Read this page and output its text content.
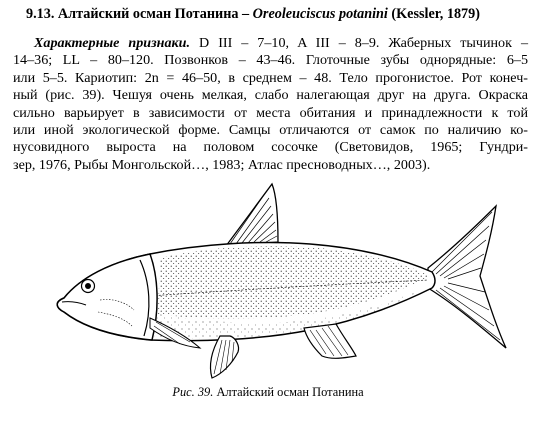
9.13. Алтайский осман Потанина – Oreoleuciscus potanini (Kessler, 1879)
Характерные признаки. D III – 7–10, A III – 8–9. Жаберных тычинок –
14–36; LL – 80–120. Позвонков – 43–46. Глоточные зубы однорядные: 6–5
или 5–5. Кариотип: 2n = 46–50, в среднем – 48. Тело прогонистое. Рот конеч-
ный (рис. 39). Чешуя очень мелкая, слабо налегающая друг на друга. Окраска
сильно варьирует в зависимости от места обитания и принадлежности к той
или иной экологической форме. Самцы отличаются от самок по наличию ко-
нусовидного выроста на половом сосочке (Световидов, 1965; Гундри-
зер, 1976, Рыбы Монгольской…, 1983; Атлас пресноводных…, 2003).
Рис. 39. Алтайский осман Потанина
